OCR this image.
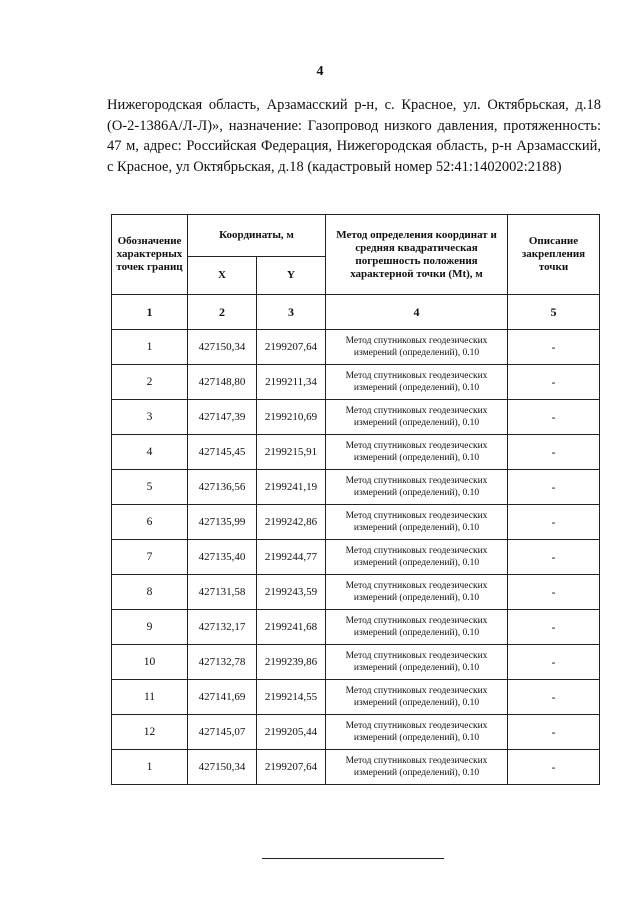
4
Нижегородская область, Арзамасский р-н, с. Красное, ул. Октябрьская, д.18 (О-2-1386А/Л-Л)», назначение: Газопровод низкого давления, протяженность: 47 м, адрес: Российская Федерация, Нижегородская область, р-н Арзамасский, с Красное, ул Октябрьская, д.18 (кадастровый номер 52:41:1402002:2188)
Обозначение характерных точек границ	Координаты, м		Метод определения координат и средняя квадратическая погрешность положения характерной точки (Mt), м	Описание закрепления точки
	X	Y		
1	2	3	4	5
1	427150,34	2199207,64	Метод спутниковых геодезических измерений (определений), 0.10	-
2	427148,80	2199211,34	Метод спутниковых геодезических измерений (определений), 0.10	-
3	427147,39	2199210,69	Метод спутниковых геодезических измерений (определений), 0.10	-
4	427145,45	2199215,91	Метод спутниковых геодезических измерений (определений), 0.10	-
5	427136,56	2199241,19	Метод спутниковых геодезических измерений (определений), 0.10	-
6	427135,99	2199242,86	Метод спутниковых геодезических измерений (определений), 0.10	-
7	427135,40	2199244,77	Метод спутниковых геодезических измерений (определений), 0.10	-
8	427131,58	2199243,59	Метод спутниковых геодезических измерений (определений), 0.10	-
9	427132,17	2199241,68	Метод спутниковых геодезических измерений (определений), 0.10	-
10	427132,78	2199239,86	Метод спутниковых геодезических измерений (определений), 0.10	-
11	427141,69	2199214,55	Метод спутниковых геодезических измерений (определений), 0.10	-
12	427145,07	2199205,44	Метод спутниковых геодезических измерений (определений), 0.10	-
1	427150,34	2199207,64	Метод спутниковых геодезических измерений (определений), 0.10	-
